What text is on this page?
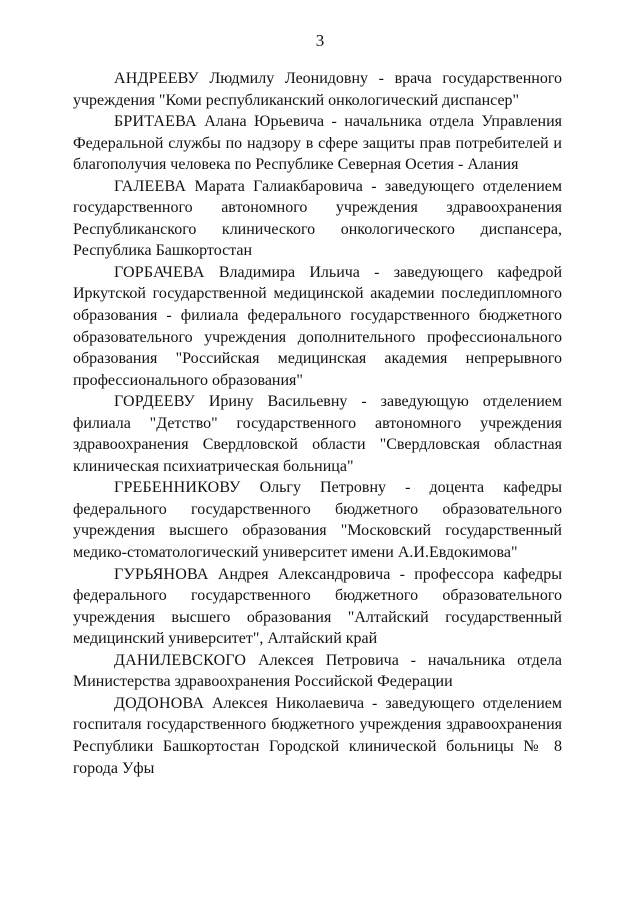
3

АНДРЕЕВУ Людмилу Леонидовну - врача государственного учреждения "Коми республиканский онкологический диспансер"

БРИТАЕВА Алана Юрьевича - начальника отдела Управления Федеральной службы по надзору в сфере защиты прав потребителей и благополучия человека по Республике Северная Осетия - Алания

ГАЛЕЕВА Марата Галиакбаровича - заведующего отделением государственного автономного учреждения здравоохранения Республиканского клинического онкологического диспансера, Республика Башкортостан

ГОРБАЧЕВА Владимира Ильича - заведующего кафедрой Иркутской государственной медицинской академии последипломного образования - филиала федерального государственного бюджетного образовательного учреждения дополнительного профессионального образования "Российская медицинская академия непрерывного профессионального образования"

ГОРДЕЕВУ Ирину Васильевну - заведующую отделением филиала "Детство" государственного автономного учреждения здравоохранения Свердловской области "Свердловская областная клиническая психиатрическая больница"

ГРЕБЕННИКОВУ Ольгу Петровну - доцента кафедры федерального государственного бюджетного образовательного учреждения высшего образования "Московский государственный медико-стоматологический университет имени А.И.Евдокимова"

ГУРЬЯНОВА Андрея Александровича - профессора кафедры федерального государственного бюджетного образовательного учреждения высшего образования "Алтайский государственный медицинский университет", Алтайский край

ДАНИЛЕВСКОГО Алексея Петровича - начальника отдела Министерства здравоохранения Российской Федерации

ДОДОНОВА Алексея Николаевича - заведующего отделением госпиталя государственного бюджетного учреждения здравоохранения Республики Башкортостан Городской клинической больницы № 8 города Уфы
